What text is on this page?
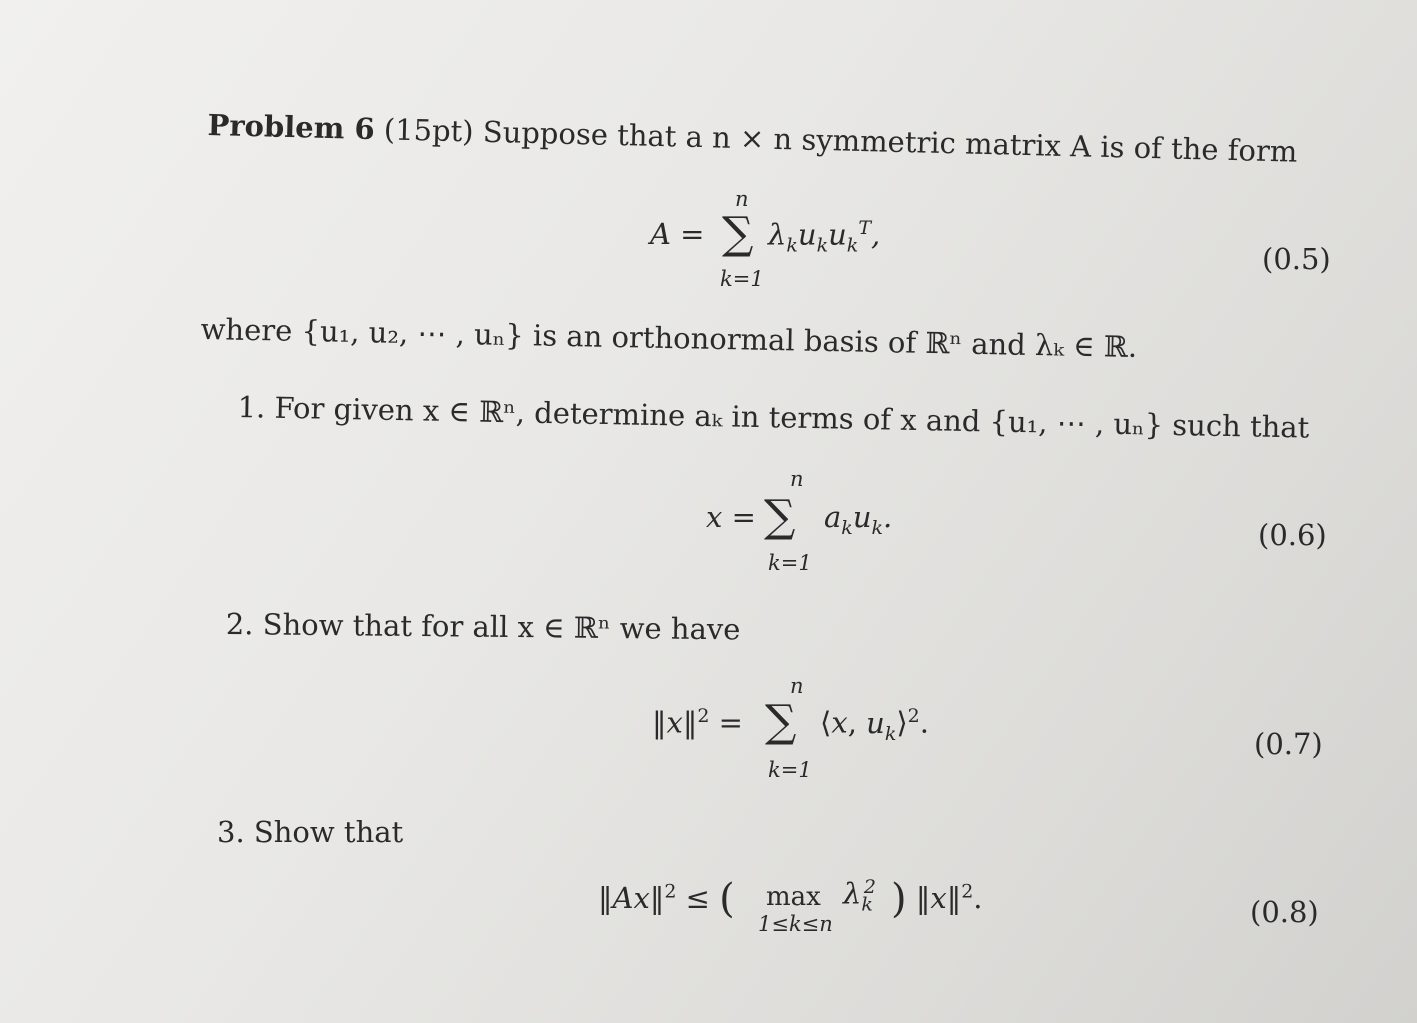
Problem 6 (15pt) Suppose that a n × n symmetric matrix A is of the form
A =
n
∑
k=1
$\lambda_ku_ku_k^T$,
(0.5)
where {u₁, u₂, ⋯ , uₙ} is an orthonormal basis of ℝⁿ and λₖ ∈ ℝ.
1. For given x ∈ ℝⁿ, determine aₖ in terms of x and {u₁, ⋯ , uₙ} such that
x =
n
∑
k=1
$a_ku_k$.
(0.6)
2. Show that for all x ∈ ℝⁿ we have
‖x‖$^2$ =
n
∑
k=1
⟨x, $u_k⟩^2$.
(0.7)
3. Show that
‖Ax‖$^2$ ≤ ( max
1≤k≤n
$\lambda_k^2$ ) ‖x‖$^2$.	(0.8)
